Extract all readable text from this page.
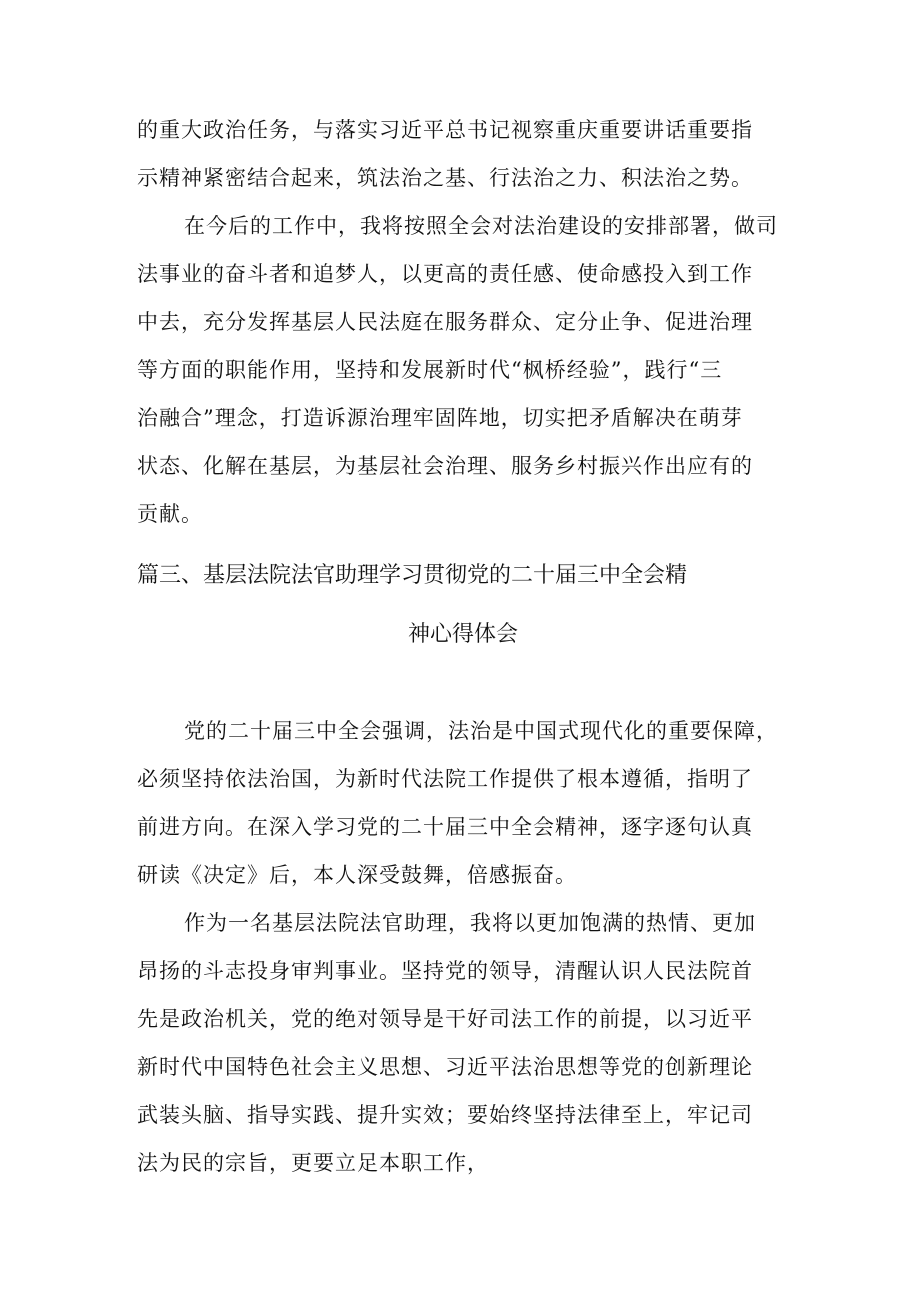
的重大政治任务，与落实习近平总书记视察重庆重要讲话重要指
示精神紧密结合起来，筑法治之基、行法治之力、积法治之势。
在今后的工作中，我将按照全会对法治建设的安排部署，做司
法事业的奋斗者和追梦人，以更高的责任感、使命感投入到工作
中去，充分发挥基层人民法庭在服务群众、定分止争、促进治理
等方面的职能作用，坚持和发展新时代“枫桥经验”，践行“三
治融合”理念，打造诉源治理牢固阵地，切实把矛盾解决在萌芽
状态、化解在基层，为基层社会治理、服务乡村振兴作出应有的
贡献。
篇三、基层法院法官助理学习贯彻党的二十届三中全会精
神心得体会
党的二十届三中全会强调，法治是中国式现代化的重要保障，
必须坚持依法治国，为新时代法院工作提供了根本遵循，指明了
前进方向。在深入学习党的二十届三中全会精神，逐字逐句认真
研读《决定》后，本人深受鼓舞，倍感振奋。
作为一名基层法院法官助理，我将以更加饱满的热情、更加
昂扬的斗志投身审判事业。坚持党的领导，清醒认识人民法院首
先是政治机关，党的绝对领导是干好司法工作的前提，以习近平
新时代中国特色社会主义思想、习近平法治思想等党的创新理论
武装头脑、指导实践、提升实效；要始终坚持法律至上，牢记司
法为民的宗旨，更要立足本职工作，
